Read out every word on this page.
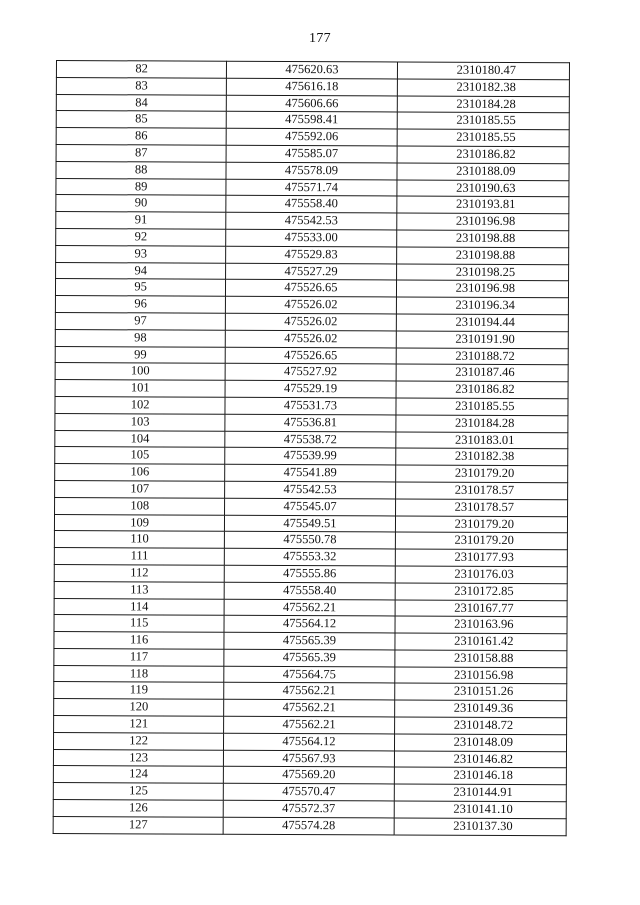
177
82	475620.63	2310180.47
83	475616.18	2310182.38
84	475606.66	2310184.28
85	475598.41	2310185.55
86	475592.06	2310185.55
87	475585.07	2310186.82
88	475578.09	2310188.09
89	475571.74	2310190.63
90	475558.40	2310193.81
91	475542.53	2310196.98
92	475533.00	2310198.88
93	475529.83	2310198.88
94	475527.29	2310198.25
95	475526.65	2310196.98
96	475526.02	2310196.34
97	475526.02	2310194.44
98	475526.02	2310191.90
99	475526.65	2310188.72
100	475527.92	2310187.46
101	475529.19	2310186.82
102	475531.73	2310185.55
103	475536.81	2310184.28
104	475538.72	2310183.01
105	475539.99	2310182.38
106	475541.89	2310179.20
107	475542.53	2310178.57
108	475545.07	2310178.57
109	475549.51	2310179.20
110	475550.78	2310179.20
111	475553.32	2310177.93
112	475555.86	2310176.03
113	475558.40	2310172.85
114	475562.21	2310167.77
115	475564.12	2310163.96
116	475565.39	2310161.42
117	475565.39	2310158.88
118	475564.75	2310156.98
119	475562.21	2310151.26
120	475562.21	2310149.36
121	475562.21	2310148.72
122	475564.12	2310148.09
123	475567.93	2310146.82
124	475569.20	2310146.18
125	475570.47	2310144.91
126	475572.37	2310141.10
127	475574.28	2310137.30
